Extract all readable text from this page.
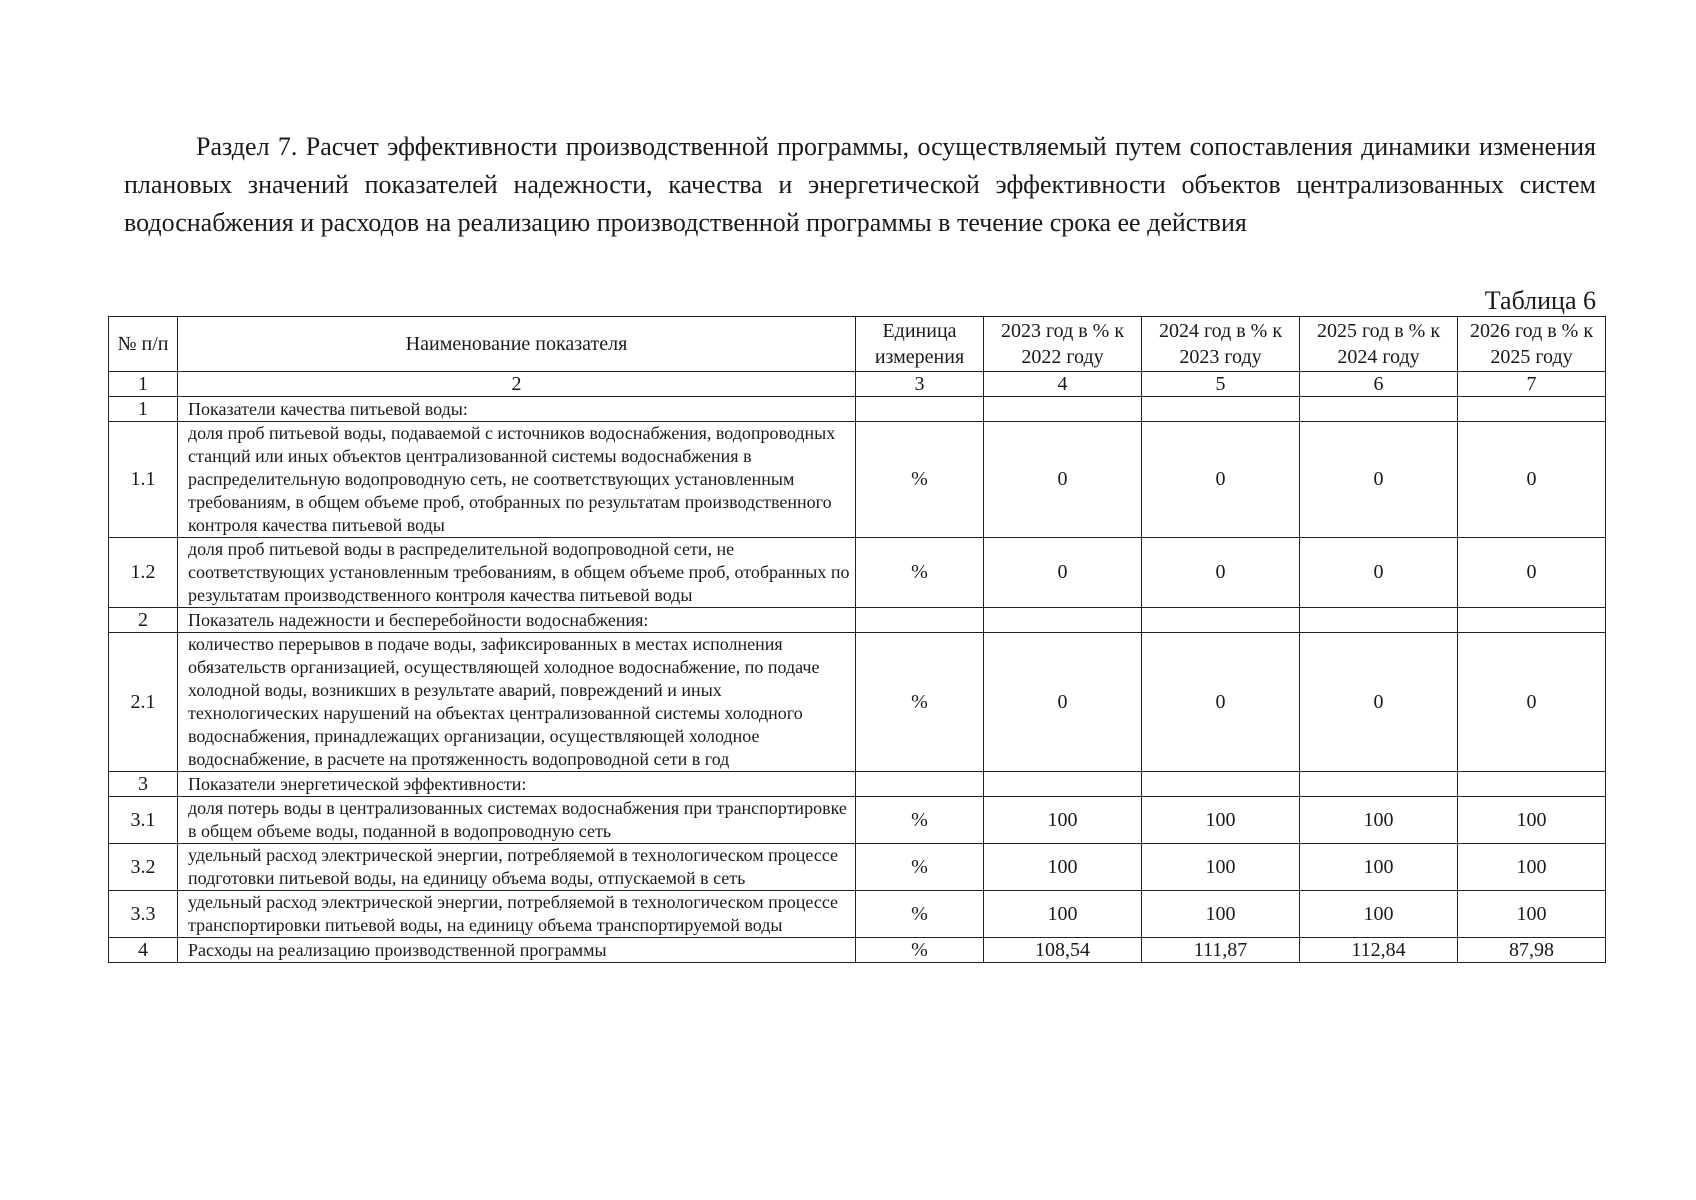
Раздел 7. Расчет эффективности производственной программы, осуществляемый путем сопоставления динамики изменения плановых значений показателей надежности, качества и энергетической эффективности объектов централизованных систем водоснабжения и расходов на реализацию производственной программы в течение срока ее действия

Таблица 6

№ п/п	Наименование показателя	Единица измерения	2023 год в % к 2022 году	2024 год в % к 2023 году	2025 год в % к 2024 году	2026 год в % к 2025 году
1	2	3	4	5	6	7
1	Показатели качества питьевой воды:					
1.1	доля проб питьевой воды, подаваемой с источников водоснабжения, водопроводных станций или иных объектов централизованной системы водоснабжения в распределительную водопроводную сеть, не соответствующих установленным требованиям, в общем объеме проб, отобранных по результатам производственного контроля качества питьевой воды	%	0	0	0	0
1.2	доля проб питьевой воды в распределительной водопроводной сети, не соответствующих установленным требованиям, в общем объеме проб, отобранных по результатам производственного контроля качества питьевой воды	%	0	0	0	0
2	Показатель надежности и бесперебойности водоснабжения:					
2.1	количество перерывов в подаче воды, зафиксированных в местах исполнения обязательств организацией, осуществляющей холодное водоснабжение, по подаче холодной воды, возникших в результате аварий, повреждений и иных технологических нарушений на объектах централизованной системы холодного водоснабжения, принадлежащих организации, осуществляющей холодное водоснабжение, в расчете на протяженность водопроводной сети в год	%	0	0	0	0
3	Показатели энергетической эффективности:					
3.1	доля потерь воды в централизованных системах водоснабжения при транспортировке в общем объеме воды, поданной в водопроводную сеть	%	100	100	100	100
3.2	удельный расход электрической энергии, потребляемой в технологическом процессе подготовки питьевой воды, на единицу объема воды, отпускаемой в сеть	%	100	100	100	100
3.3	удельный расход электрической энергии, потребляемой в технологическом процессе транспортировки питьевой воды, на единицу объема транспортируемой воды	%	100	100	100	100
4	Расходы на реализацию производственной программы	%	108,54	111,87	112,84	87,98
